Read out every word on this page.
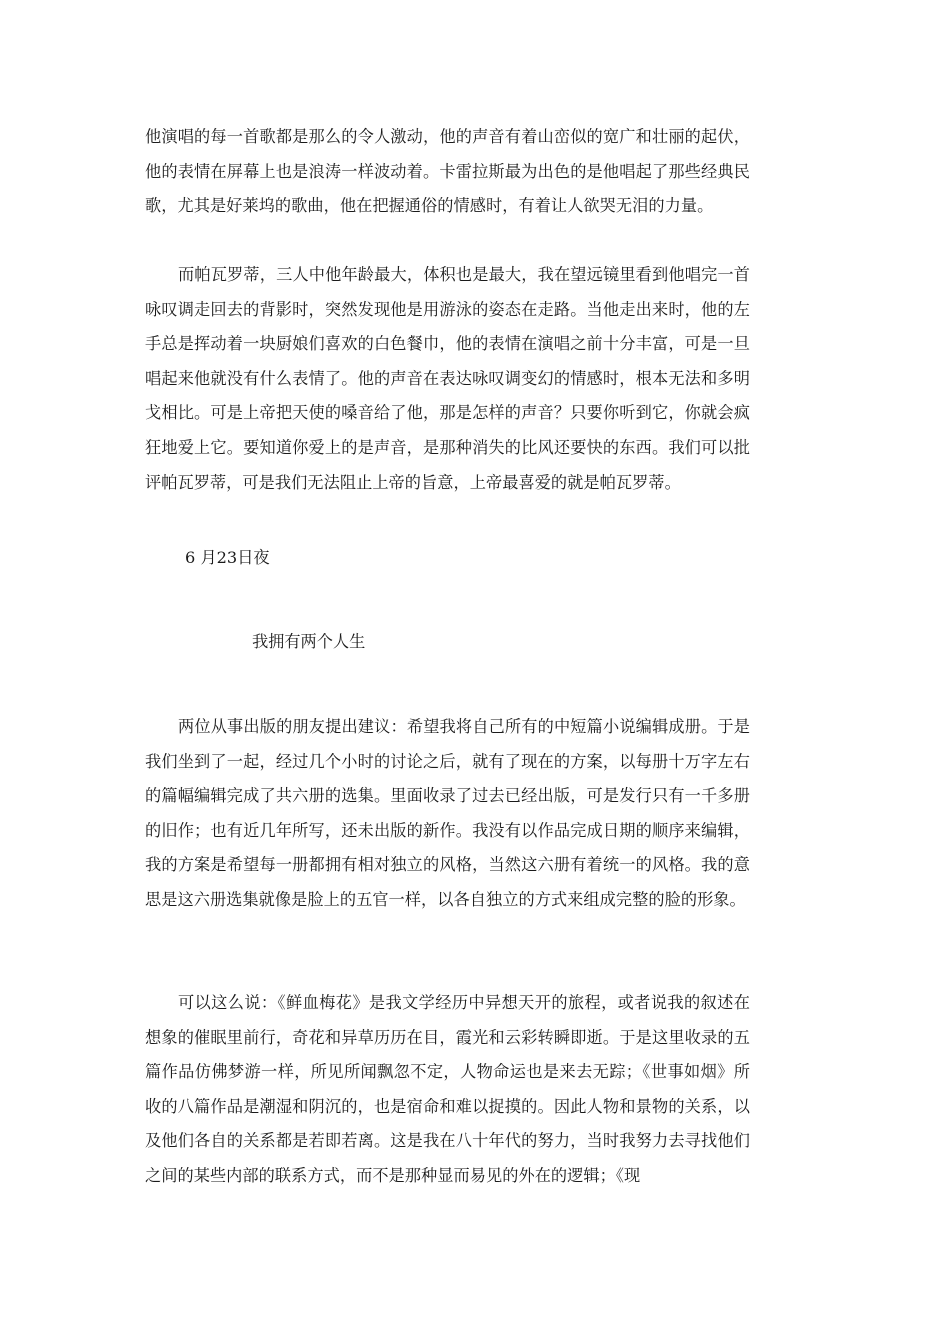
他演唱的每一首歌都是那么的令人激动，他的声音有着山峦似的宽广和壮丽的起伏，他的表情在屏幕上也是浪涛一样波动着。卡雷拉斯最为出色的是他唱起了那些经典民歌，尤其是好莱坞的歌曲，他在把握通俗的情感时，有着让人欲哭无泪的力量。

而帕瓦罗蒂，三人中他年龄最大，体积也是最大，我在望远镜里看到他唱完一首咏叹调走回去的背影时，突然发现他是用游泳的姿态在走路。当他走出来时，他的左手总是挥动着一块厨娘们喜欢的白色餐巾，他的表情在演唱之前十分丰富，可是一旦唱起来他就没有什么表情了。他的声音在表达咏叹调变幻的情感时，根本无法和多明戈相比。可是上帝把天使的嗓音给了他，那是怎样的声音？只要你听到它，你就会疯狂地爱上它。要知道你爱上的是声音，是那种消失的比风还要快的东西。我们可以批评帕瓦罗蒂，可是我们无法阻止上帝的旨意，上帝最喜爱的就是帕瓦罗蒂。

6 月23日夜

我拥有两个人生

两位从事出版的朋友提出建议：希望我将自己所有的中短篇小说编辑成册。于是我们坐到了一起，经过几个小时的讨论之后，就有了现在的方案，以每册十万字左右的篇幅编辑完成了共六册的选集。里面收录了过去已经出版，可是发行只有一千多册的旧作；也有近几年所写，还未出版的新作。我没有以作品完成日期的顺序来编辑，我的方案是希望每一册都拥有相对独立的风格，当然这六册有着统一的风格。我的意思是这六册选集就像是脸上的五官一样，以各自独立的方式来组成完整的脸的形象。

可以这么说：《鲜血梅花》是我文学经历中异想天开的旅程，或者说我的叙述在想象的催眠里前行，奇花和异草历历在目，霞光和云彩转瞬即逝。于是这里收录的五篇作品仿佛梦游一样，所见所闻飘忽不定，人物命运也是来去无踪；《世事如烟》所收的八篇作品是潮湿和阴沉的，也是宿命和难以捉摸的。因此人物和景物的关系，以及他们各自的关系都是若即若离。这是我在八十年代的努力，当时我努力去寻找他们之间的某些内部的联系方式，而不是那种显而易见的外在的逻辑；《现
